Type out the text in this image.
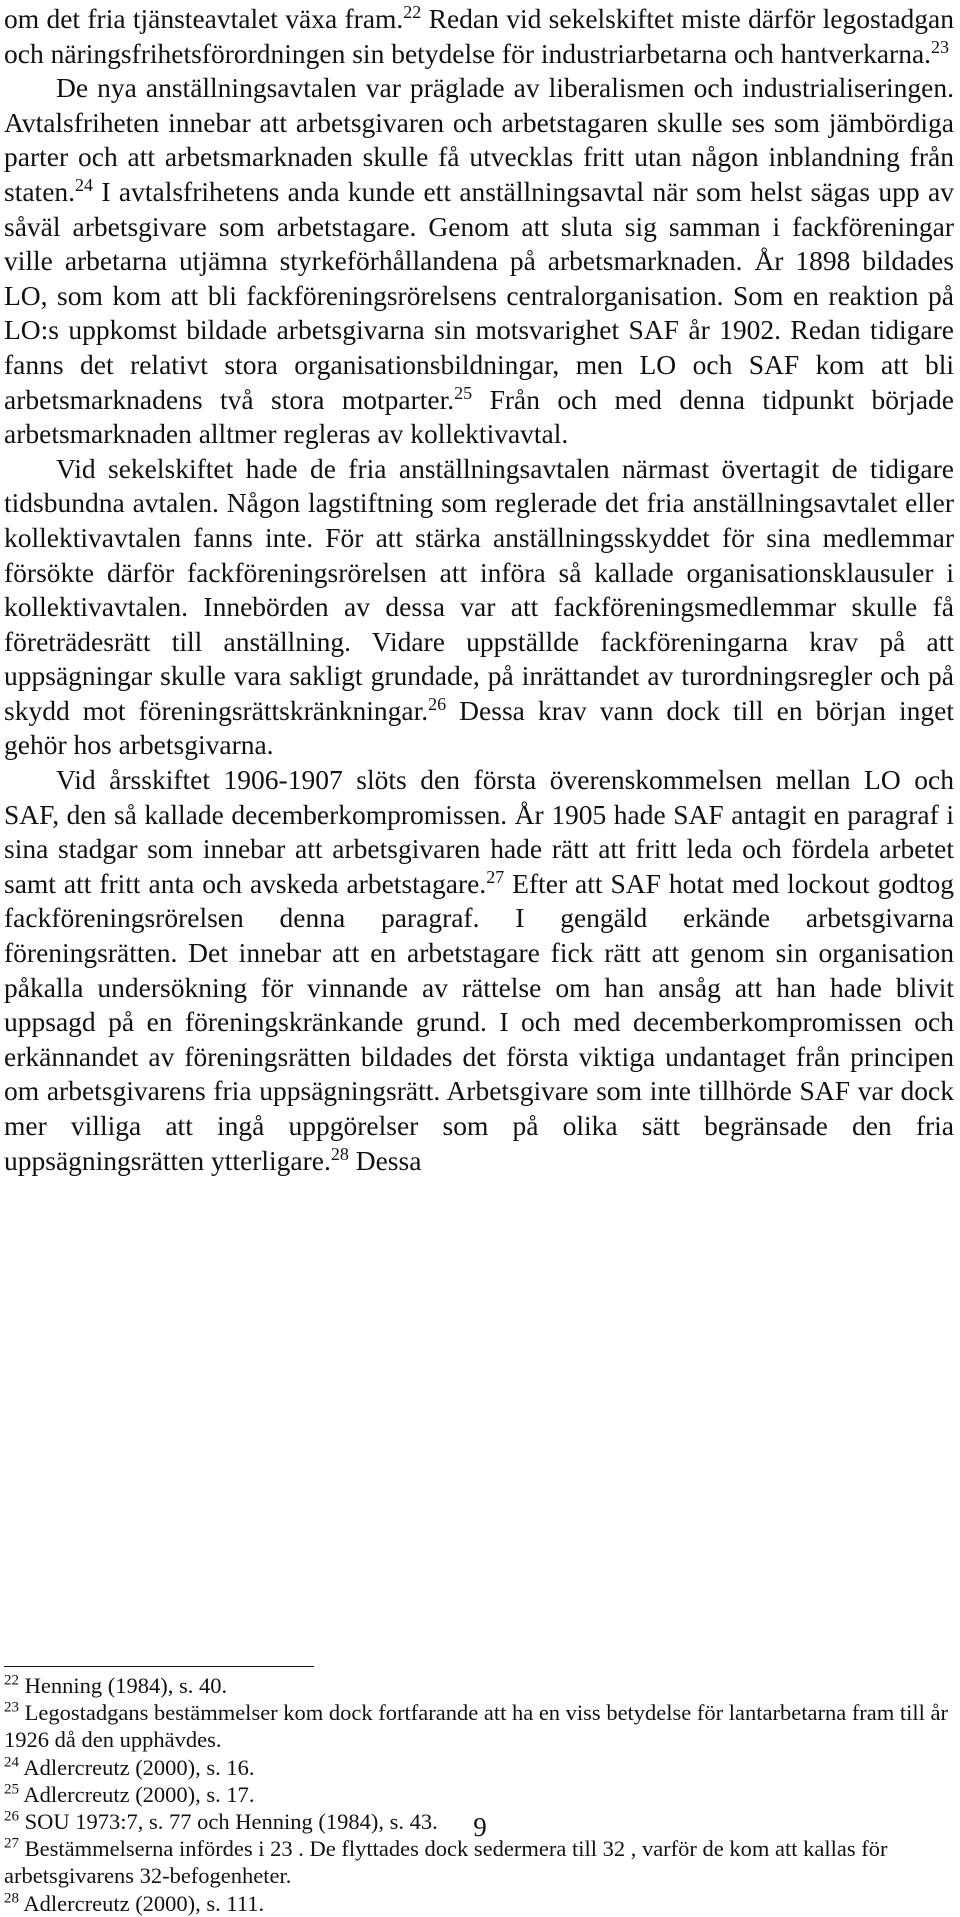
om det fria tjänsteavtalet växa fram.$^{22}$ Redan vid sekelskiftet miste därför legostadgan och näringsfrihetsförordningen sin betydelse för industriarbetarna och hantverkarna.$^{23}$

De nya anställningsavtalen var präglade av liberalismen och industrialiseringen. Avtalsfriheten innebar att arbetsgivaren och arbetstagaren skulle ses som jämbördiga parter och att arbetsmarknaden skulle få utvecklas fritt utan någon inblandning från staten.$^{24}$ I avtalsfrihetens anda kunde ett anställningsavtal när som helst sägas upp av såväl arbetsgivare som arbetstagare. Genom att sluta sig samman i fackföreningar ville arbetarna utjämna styrkeförhållandena på arbetsmarknaden. År 1898 bildades LO, som kom att bli fackföreningsrörelsens centralorganisation. Som en reaktion på LO:s uppkomst bildade arbetsgivarna sin motsvarighet SAF år 1902. Redan tidigare fanns det relativt stora organisationsbildningar, men LO och SAF kom att bli arbetsmarknadens två stora motparter.$^{25}$ Från och med denna tidpunkt började arbetsmarknaden alltmer regleras av kollektivavtal.

Vid sekelskiftet hade de fria anställningsavtalen närmast övertagit de tidigare tidsbundna avtalen. Någon lagstiftning som reglerade det fria anställningsavtalet eller kollektivavtalen fanns inte. För att stärka anställningsskyddet för sina medlemmar försökte därför fackföreningsrörelsen att införa så kallade organisationsklausuler i kollektivavtalen. Innebörden av dessa var att fackföreningsmedlemmar skulle få företrädesrätt till anställning. Vidare uppställde fackföreningarna krav på att uppsägningar skulle vara sakligt grundade, på inrättandet av turordningsregler och på skydd mot föreningsrättskränkningar.$^{26}$ Dessa krav vann dock till en början inget gehör hos arbetsgivarna.

Vid årsskiftet 1906-1907 slöts den första överenskommelsen mellan LO och SAF, den så kallade decemberkompromissen. År 1905 hade SAF antagit en paragraf i sina stadgar som innebar att arbetsgivaren hade rätt att fritt leda och fördela arbetet samt att fritt anta och avskeda arbetstagare.$^{27}$ Efter att SAF hotat med lockout godtog fackföreningsrörelsen denna paragraf. I gengäld erkände arbetsgivarna föreningsrätten. Det innebar att en arbetstagare fick rätt att genom sin organisation påkalla undersökning för vinnande av rättelse om han ansåg att han hade blivit uppsagd på en föreningskränkande grund. I och med decemberkompromissen och erkännandet av föreningsrätten bildades det första viktiga undantaget från principen om arbetsgivarens fria uppsägningsrätt. Arbetsgivare som inte tillhörde SAF var dock mer villiga att ingå uppgörelser som på olika sätt begränsade den fria uppsägningsrätten ytterligare.$^{28}$ Dessa

$^{22}$ Henning (1984), s. 40.

$^{23}$ Legostadgans bestämmelser kom dock fortfarande att ha en viss betydelse för lantarbetarna fram till år 1926 då den upphävdes.

$^{24}$ Adlercreutz (2000), s. 16.

$^{25}$ Adlercreutz (2000), s. 17.

$^{26}$ SOU 1973:7, s. 77 och Henning (1984), s. 43.

$^{27}$ Bestämmelserna infördes i 23 . De flyttades dock sedermera till 32 , varför de kom att kallas för arbetsgivarens 32-befogenheter.

$^{28}$ Adlercreutz (2000), s. 111.

9
